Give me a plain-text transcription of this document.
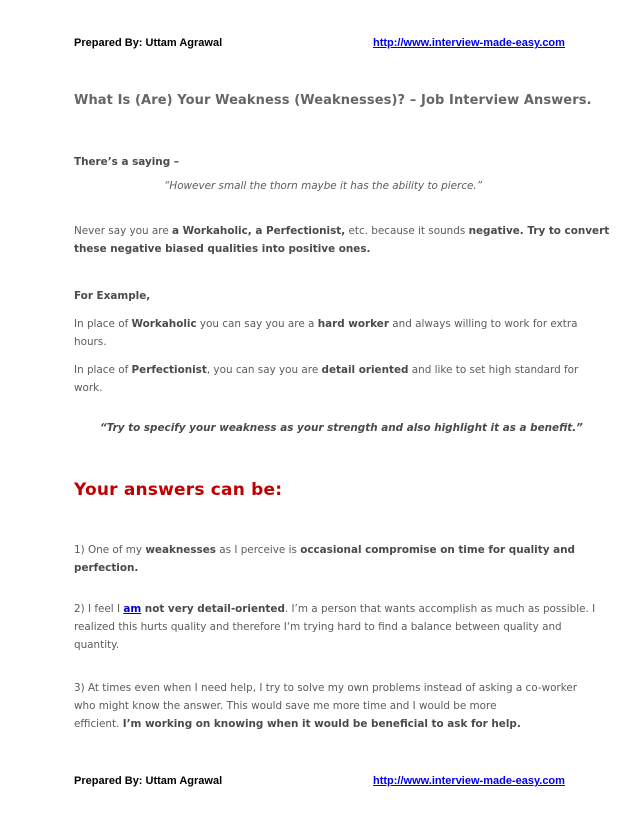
Prepared By: Uttam Agrawal	http://www.interview-made-easy.com
What Is (Are) Your Weakness (Weaknesses)? – Job Interview Answers.
There’s a saying –
“However small the thorn maybe it has the ability to pierce.”
Never say you are a Workaholic, a Perfectionist, etc. because it sounds negative. Try to convert
these negative biased qualities into positive ones.
For Example,
In place of Workaholic you can say you are a hard worker and always willing to work for extra
hours.
In place of Perfectionist, you can say you are detail oriented and like to set high standard for
work.
“Try to specify your weakness as your strength and also highlight it as a benefit.”
Your answers can be:
1) One of my weaknesses as I perceive is occasional compromise on time for quality and
perfection.
2) I feel I am not very detail-oriented. I’m a person that wants accomplish as much as possible. I
realized this hurts quality and therefore I‘m trying hard to find a balance between quality and
quantity.
3) At times even when I need help, I try to solve my own problems instead of asking a co-worker
who might know the answer. This would save me more time and I would be more
efficient. I’m working on knowing when it would be beneficial to ask for help.
Prepared By: Uttam Agrawal	http://www.interview-made-easy.com
